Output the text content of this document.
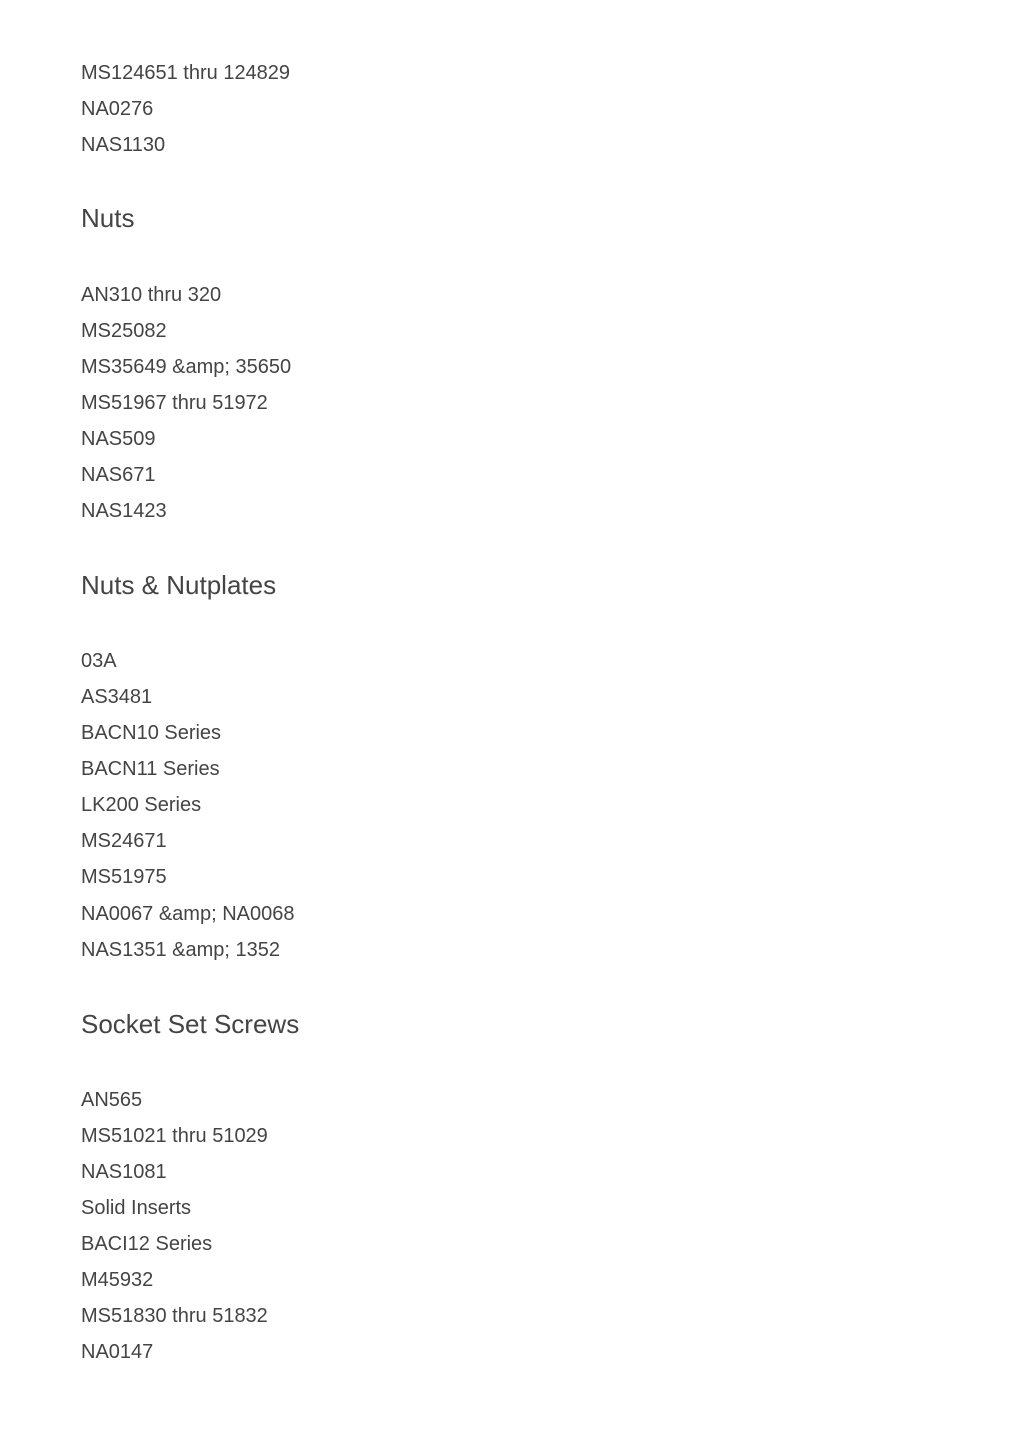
MS124651 thru 124829
NA0276
NAS1130
Nuts
AN310 thru 320
MS25082
MS35649 &amp; 35650
MS51967 thru 51972
NAS509
NAS671
NAS1423
Nuts & Nutplates
03A
AS3481
BACN10 Series
BACN11 Series
LK200 Series
MS24671
MS51975
NA0067 &amp; NA0068
NAS1351 &amp; 1352
Socket Set Screws
AN565
MS51021 thru 51029
NAS1081
Solid Inserts
BACI12 Series
M45932
MS51830 thru 51832
NA0147
